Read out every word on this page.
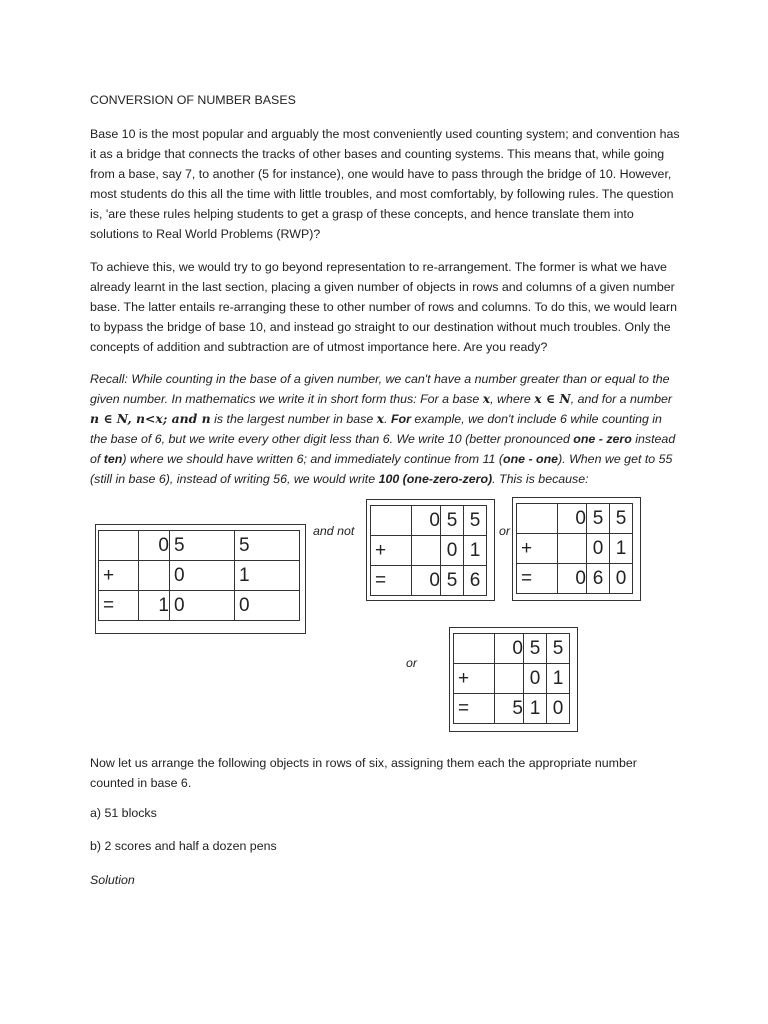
CONVERSION OF NUMBER BASES
Base 10 is the most popular and arguably the most conveniently used counting system; and convention has it as a bridge that connects the tracks of other bases and counting systems. This means that, while going from a base, say 7, to another (5 for instance), one would have to pass through the bridge of 10. However, most students do this all the time with little troubles, and most comfortably, by following rules. The question is, 'are these rules helping students to get a grasp of these concepts, and hence translate them into solutions to Real World Problems (RWP)?
To achieve this, we would try to go beyond representation to re-arrangement. The former is what we have already learnt in the last section, placing a given number of objects in rows and columns of a given number base. The latter entails re-arranging these to other number of rows and columns. To do this, we would learn to bypass the bridge of base 10, and instead go straight to our destination without much troubles. Only the concepts of addition and subtraction are of utmost importance here. Are you ready?
Recall: While counting in the base of a given number, we can't have a number greater than or equal to the given number. In mathematics we write it in short form thus: For a base x, where x ∈ N, and for a number n ∈ N, n<x; and n is the largest number in base x. For example, we don't include 6 while counting in the base of 6, but we write every other digit less than 6. We write 10 (better pronounced one - zero instead of ten) where we should have written 6; and immediately continue from 11 (one - one). When we get to 55 (still in base 6), instead of writing 56, we would write 100 (one-zero-zero). This is because:
	0	5	5
+		0	1
=	1	0	0
and not
	0	5	5
+		0	1
=	0	5	6
or
	0	5	5
+		0	1
=	0	6	0
or
	0	5	5
+		0	1
=	5	1	0
Now let us arrange the following objects in rows of six, assigning them each the appropriate number counted in base 6.
a) 51 blocks
b) 2 scores and half a dozen pens
Solution
